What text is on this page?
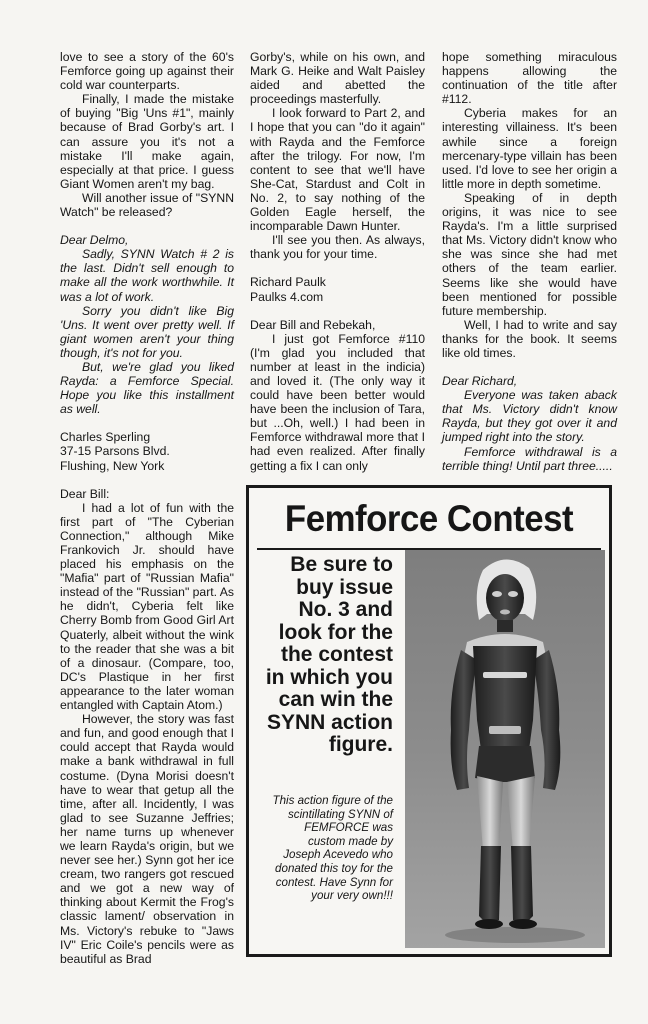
love to see a story of the 60's Femforce going up against their cold war counterparts.

Finally, I made the mistake of buying "Big 'Uns #1", mainly because of Brad Gorby's art. I can assure you it's not a mistake I'll make again, especially at that price. I guess Giant Women aren't my bag.

Will another issue of "SYNN Watch" be released?

Dear Delmo,

Sadly, SYNN Watch # 2 is the last. Didn't sell enough to make all the work worthwhile. It was a lot of work.

Sorry you didn't like Big 'Uns. It went over pretty well. If giant women aren't your thing though, it's not for you.

But, we're glad you liked Rayda: a Femforce Special. Hope you like this installment as well.

Charles Sperling

37-15 Parsons Blvd.

Flushing, New York

Dear Bill:

I had a lot of fun with the first part of "The Cyberian Connection," although Mike Frankovich Jr. should have placed his emphasis on the "Mafia" part of "Russian Mafia" instead of the "Russian" part. As he didn't, Cyberia felt like Cherry Bomb from Good Girl Art Quaterly, albeit without the wink to the reader that she was a bit of a dinosaur. (Compare, too, DC's Plastique in her first appearance to the later woman entangled with Captain Atom.)

However, the story was fast and fun, and good enough that I could accept that Rayda would make a bank withdrawal in full costume. (Dyna Morisi doesn't have to wear that getup all the time, after all. Incidently, I was glad to see Suzanne Jeffries; her name turns up whenever we learn Rayda's origin, but we never see her.) Synn got her ice cream, two rangers got rescued and we got a new way of thinking about Kermit the Frog's classic lament/ observation in Ms. Victory's rebuke to "Jaws IV" Eric Coile's pencils were as beautiful as Brad

Gorby's, while on his own, and Mark G. Heike and Walt Paisley aided and abetted the proceedings masterfully.

I look forward to Part 2, and I hope that you can "do it again" with Rayda and the Femforce after the trilogy. For now, I'm content to see that we'll have She-Cat, Stardust and Colt in No. 2, to say nothing of the Golden Eagle herself, the incomparable Dawn Hunter.

I'll see you then. As always, thank you for your time.

Richard Paulk

Paulks 4.com

Dear Bill and Rebekah,

I just got Femforce #110 (I'm glad you included that number at least in the indicia) and loved it. (The only way it could have been better would have been the inclusion of Tara, but ...Oh, well.) I had been in Femforce withdrawal more that I had even realized. After finally getting a fix I can only

hope something miraculous happens allowing the continuation of the title after #112.

Cyberia makes for an interesting villainess. It's been awhile since a foreign mercenary-type villain has been used. I'd love to see her origin a little more in depth sometime.

Speaking of in depth origins, it was nice to see Rayda's. I'm a little surprised that Ms. Victory didn't know who she was since she had met others of the team earlier. Seems like she would have been mentioned for possible future membership.

Well, I had to write and say thanks for the book. It seems like old times.

Dear Richard,

Everyone was taken aback that Ms. Victory didn't know Rayda, but they got over it and jumped right into the story.

Femforce withdrawal is a terrible thing! Until part three.....

Femforce Contest
Be sure to buy issue No. 3 and look for the the contest in which you can win the SYNN action figure.
This action figure of the scintillating SYNN of FEMFORCE was custom made by Joseph Acevedo who donated this toy for the contest. Have Synn for your very own!!!
